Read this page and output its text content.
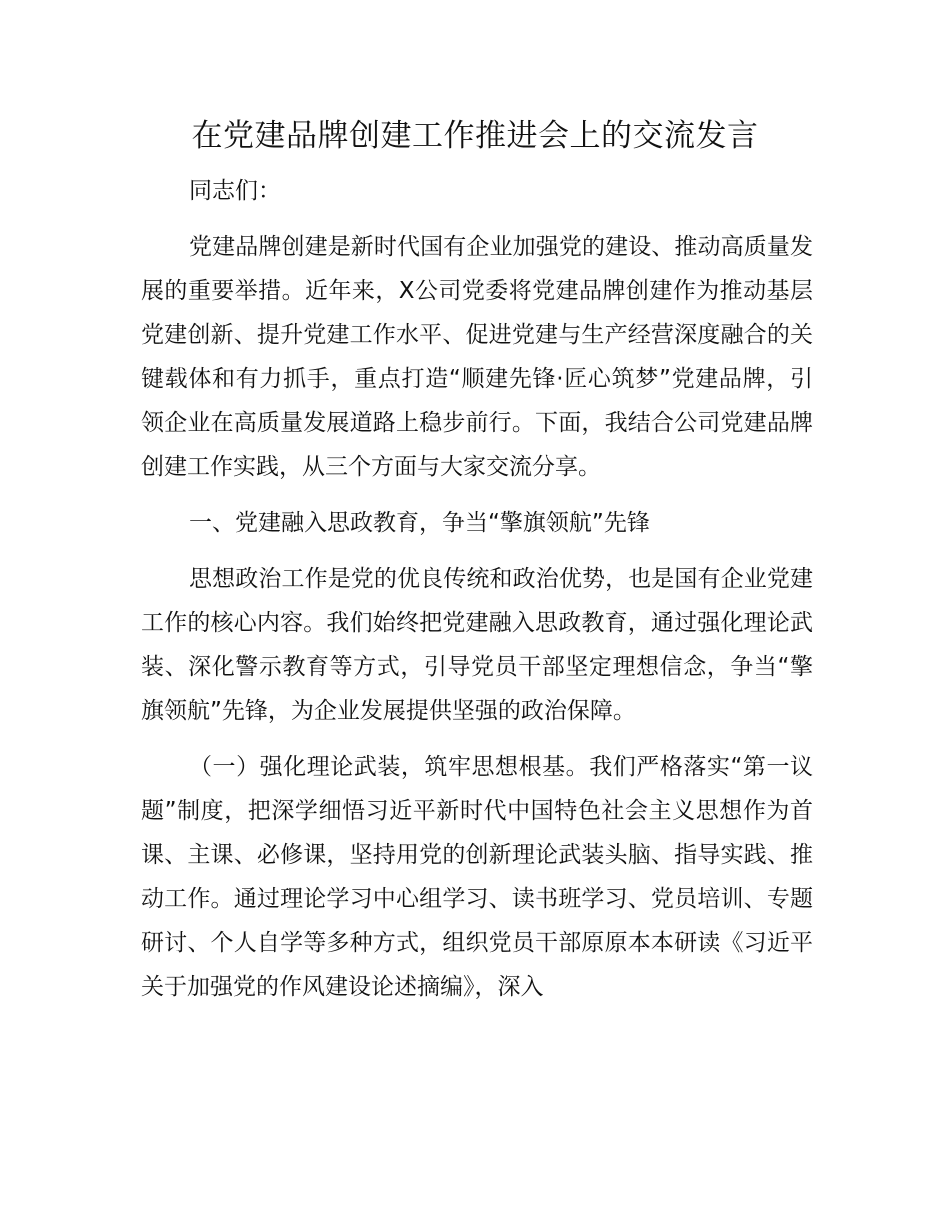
在党建品牌创建工作推进会上的交流发言

同志们：

党建品牌创建是新时代国有企业加强党的建设、推动高质量发展的重要举措。近年来，X公司党委将党建品牌创建作为推动基层党建创新、提升党建工作水平、促进党建与生产经营深度融合的关键载体和有力抓手，重点打造“顺建先锋·匠心筑梦”党建品牌，引领企业在高质量发展道路上稳步前行。下面，我结合公司党建品牌创建工作实践，从三个方面与大家交流分享。

一、党建融入思政教育，争当“擎旗领航”先锋

思想政治工作是党的优良传统和政治优势，也是国有企业党建工作的核心内容。我们始终把党建融入思政教育，通过强化理论武装、深化警示教育等方式，引导党员干部坚定理想信念，争当“擎旗领航”先锋，为企业发展提供坚强的政治保障。

（一）强化理论武装，筑牢思想根基。我们严格落实“第一议题”制度，把深学细悟习近平新时代中国特色社会主义思想作为首课、主课、必修课，坚持用党的创新理论武装头脑、指导实践、推动工作。通过理论学习中心组学习、读书班学习、党员培训、专题研讨、个人自学等多种方式，组织党员干部原原本本研读《习近平关于加强党的作风建设论述摘编》，深入
